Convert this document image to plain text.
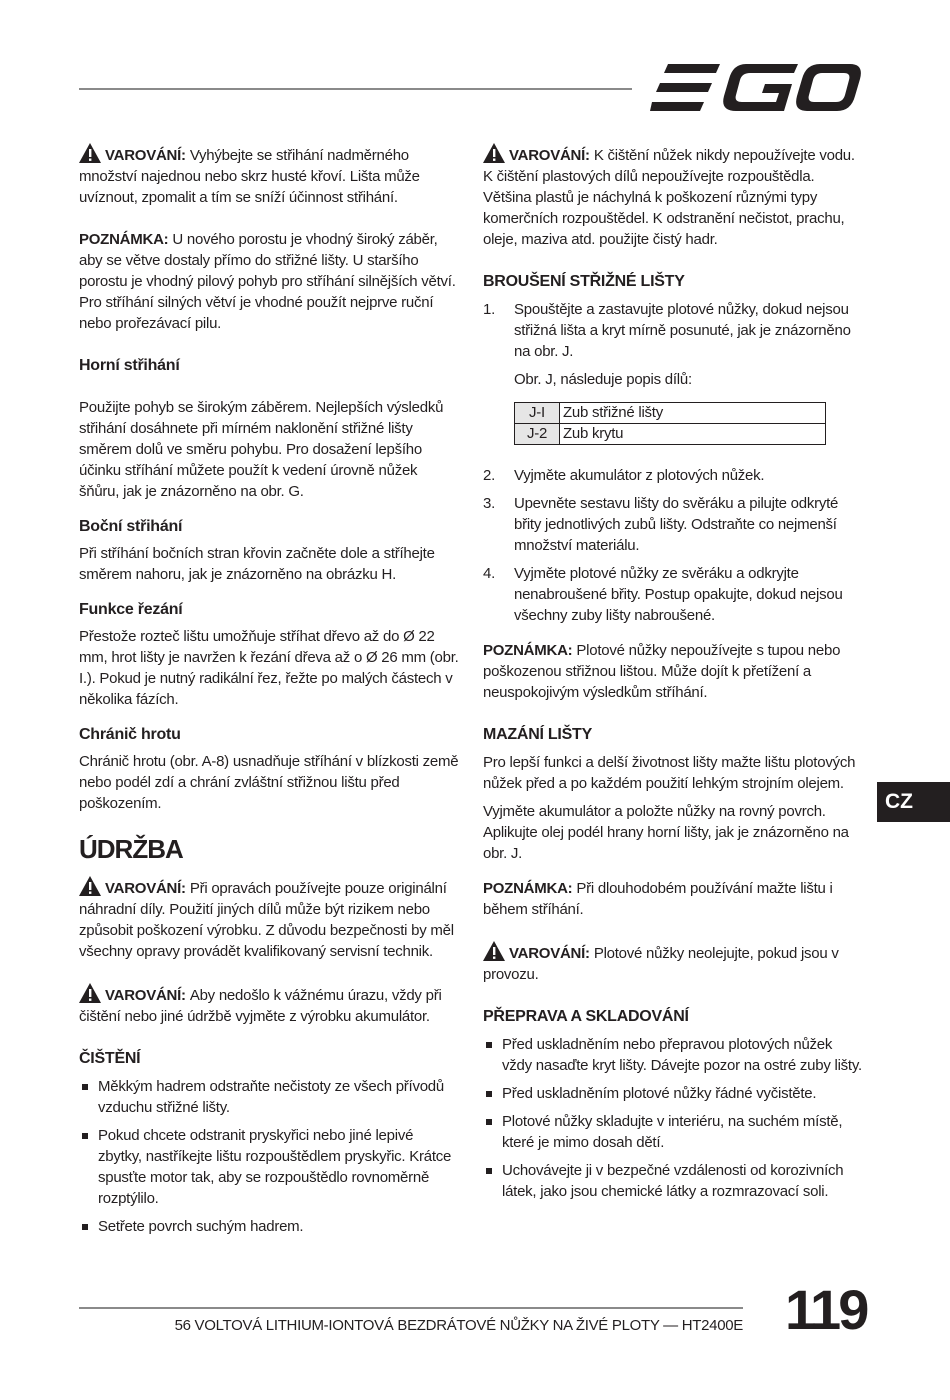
VAROVÁNÍ: Vyhýbejte se střihání nadměrného množství najednou nebo skrz husté křoví. Lišta může uvíznout, zpomalit a tím se sníží účinnost střihání.

POZNÁMKA: U nového porostu je vhodný široký záběr, aby se větve dostaly přímo do střižné lišty. U staršího porostu je vhodný pilový pohyb pro stříhání silnějších větví. Pro stříhání silných větví je vhodné použít nejprve ruční nebo prořezávací pilu.

Horní střihání

Použijte pohyb se širokým záběrem. Nejlepších výsledků střihání dosáhnete při mírném naklonění střižné lišty směrem dolů ve směru pohybu. Pro dosažení lepšího účinku stříhání můžete použít k vedení úrovně nůžek šňůru, jak je znázorněno na obr. G.

Boční střihání

Při stříhání bočních stran křovin začněte dole a stříhejte směrem nahoru, jak je znázorněno na obrázku H.

Funkce řezání

Přestože rozteč lištu umožňuje stříhat dřevo až do Ø 22 mm, hrot lišty je navržen k řezání dřeva až o Ø 26 mm (obr. I.). Pokud je nutný radikální řez, řežte po malých částech v několika fázích.

Chránič hrotu

Chránič hrotu (obr. A-8) usnadňuje stříhání v blízkosti země nebo podél zdí a chrání zvláštní střižnou lištu před poškozením.

ÚDRŽBA

VAROVÁNÍ: Při opravách používejte pouze originální náhradní díly. Použití jiných dílů může být rizikem nebo způsobit poškození výrobku. Z důvodu bezpečnosti by měl všechny opravy provádět kvalifikovaný servisní technik.

VAROVÁNÍ: Aby nedošlo k vážnému úrazu, vždy při čištění nebo jiné údržbě vyjměte z výrobku akumulátor.

ČIŠTĚNÍ
Měkkým hadrem odstraňte nečistoty ze všech přívodů vzduchu střižné lišty.
Pokud chcete odstranit pryskyřici nebo jiné lepivé zbytky, nastříkejte lištu rozpouštědlem pryskyřic. Krátce spusťte motor tak, aby se rozpouštědlo rovnoměrně rozptýlilo.
Setřete povrch suchým hadrem.

VAROVÁNÍ: K čištění nůžek nikdy nepoužívejte vodu. K čištění plastových dílů nepoužívejte rozpouštědla. Většina plastů je náchylná k poškození různými typy komerčních rozpouštědel. K odstranění nečistot, prachu, oleje, maziva atd. použijte čistý hadr.

BROUŠENÍ STŘIŽNÉ LIŠTY
1. Spouštějte a zastavujte plotové nůžky, dokud nejsou střižná lišta a kryt mírně posunuté, jak je znázorněno na obr. J.

Obr. J, následuje popis dílů:

J-I	Zub střižné lišty
J-2	Zub krytu
2. Vyjměte akumulátor z plotových nůžek.
3. Upevněte sestavu lišty do svěráku a pilujte odkryté břity jednotlivých zubů lišty. Odstraňte co nejmenší množství materiálu.
4. Vyjměte plotové nůžky ze svěráku a odkryjte nenabroušené břity. Postup opakujte, dokud nejsou všechny zuby lišty nabroušené.

POZNÁMKA: Plotové nůžky nepoužívejte s tupou nebo poškozenou střižnou lištou. Může dojít k přetížení a neuspokojivým výsledkům stříhání.

MAZÁNÍ LIŠTY

Pro lepší funkci a delší životnost lišty mažte lištu plotových nůžek před a po každém použití lehkým strojním olejem.

Vyjměte akumulátor a položte nůžky na rovný povrch. Aplikujte olej podél hrany horní lišty, jak je znázorněno na obr. J.

POZNÁMKA: Při dlouhodobém používání mažte lištu i během stříhání.

VAROVÁNÍ: Plotové nůžky neolejujte, pokud jsou v provozu.

PŘEPRAVA A SKLADOVÁNÍ
Před uskladněním nebo přepravou plotových nůžek vždy nasaďte kryt lišty. Dávejte pozor na ostré zuby lišty.
Před uskladněním plotové nůžky řádné vyčistěte.
Plotové nůžky skladujte v interiéru, na suchém místě, které je mimo dosah dětí.
Uchovávejte ji v bezpečné vzdálenosti od korozivních látek, jako jsou chemické látky a rozmrazovací soli.
CZ
56 VOLTOVÁ LITHIUM-IONTOVÁ BEZDRÁTOVÉ NŮŽKY NA ŽIVÉ PLOTY — HT2400E 119
